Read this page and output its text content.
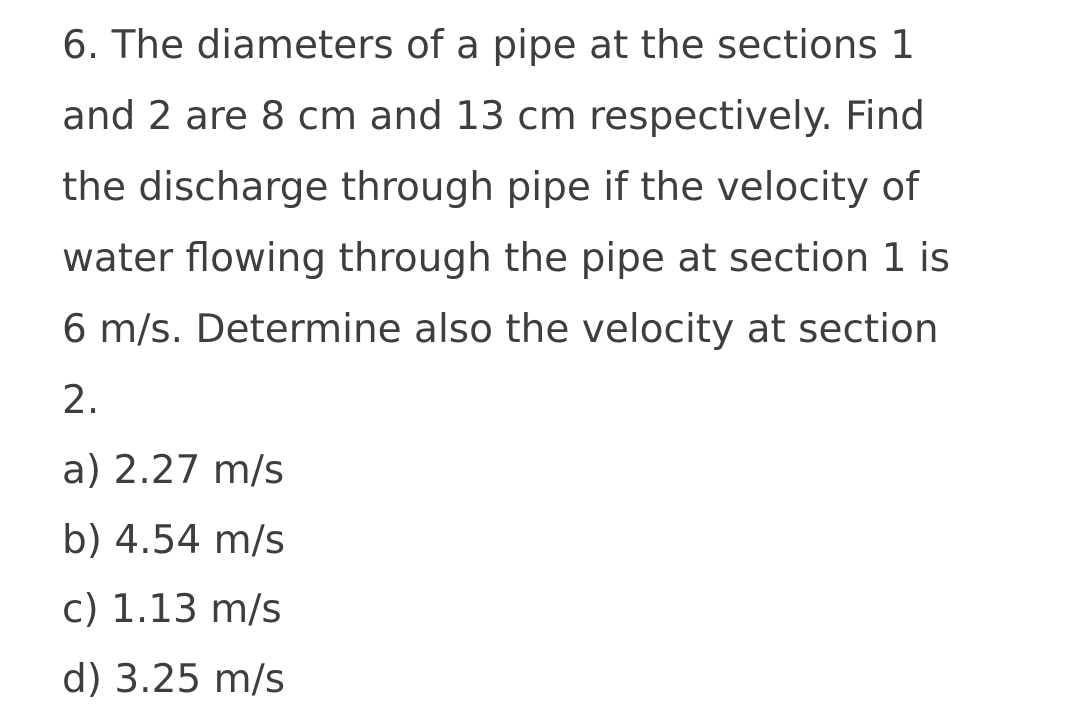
6. The diameters of a pipe at the sections 1
and 2 are 8 cm and 13 cm respectively. Find
the discharge through pipe if the velocity of
water flowing through the pipe at section 1 is
6 m/s. Determine also the velocity at section
2.
a) 2.27 m/s
b) 4.54 m/s
c) 1.13 m/s
d) 3.25 m/s
